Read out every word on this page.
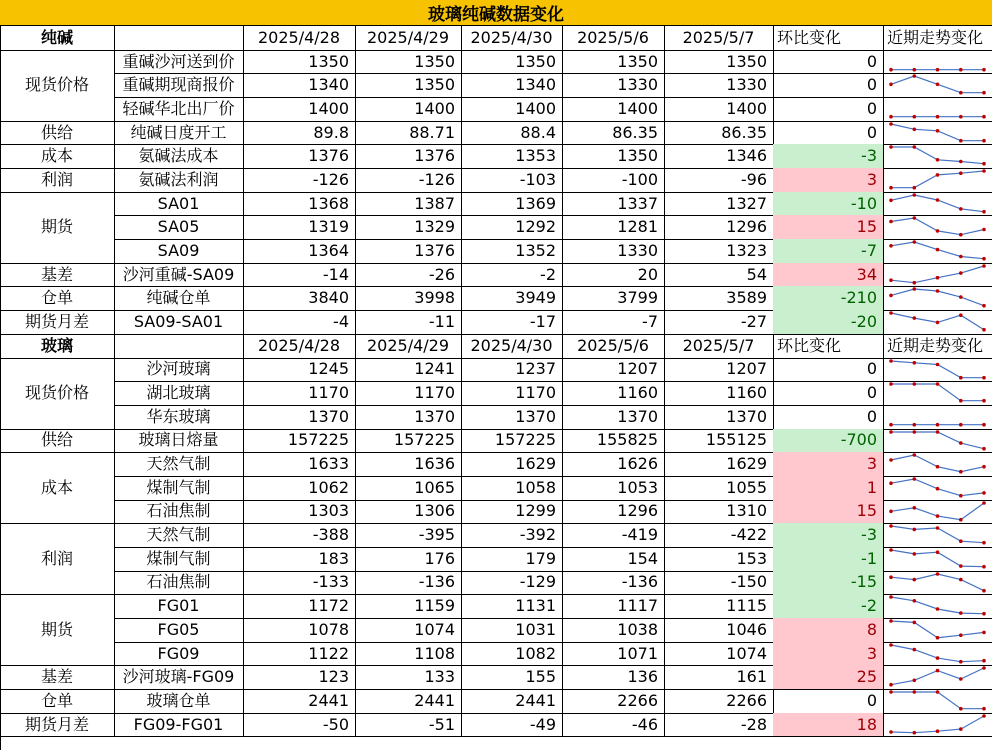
玻璃纯碱数据变化
纯碱	2025/4/28	2025/4/29	2025/4/30	2025/5/6	2025/5/7	环比变化	近期走势变化
现货价格
重碱沙河送到价	1350	1350	1350	1350	1350	0
重碱期现商报价	1340	1350	1340	1330	1330	0
轻碱华北出厂价	1400	1400	1400	1400	1400	0
供给	纯碱日度开工	89.8	88.71	88.4	86.35	86.35	0
成本	氨碱法成本	1376	1376	1353	1350	1346	-3
利润	氨碱法利润	-126	-126	-103	-100	-96	3
期货
SA01	1368	1387	1369	1337	1327	-10
SA05	1319	1329	1292	1281	1296	15
SA09	1364	1376	1352	1330	1323	-7
基差	沙河重碱-SA09	-14	-26	-2	20	54	34
仓单	纯碱仓单	3840	3998	3949	3799	3589	-210
期货月差	SA09-SA01	-4	-11	-17	-7	-27	-20
玻璃	2025/4/28	2025/4/29	2025/4/30	2025/5/6	2025/5/7	环比变化	近期走势变化
现货价格
沙河玻璃	1245	1241	1237	1207	1207	0
湖北玻璃	1170	1170	1170	1160	1160	0
华东玻璃	1370	1370	1370	1370	1370	0
供给	玻璃日熔量	157225	157225	157225	155825	155125	-700
成本
天然气制	1633	1636	1629	1626	1629	3
煤制气制	1062	1065	1058	1053	1055	1
石油焦制	1303	1306	1299	1296	1310	15
利润
天然气制	-388	-395	-392	-419	-422	-3
煤制气制	183	176	179	154	153	-1
石油焦制	-133	-136	-129	-136	-150	-15
期货
FG01	1172	1159	1131	1117	1115	-2
FG05	1078	1074	1031	1038	1046	8
FG09	1122	1108	1082	1071	1074	3
基差	沙河玻璃-FG09	123	133	155	136	161	25
仓单	玻璃仓单	2441	2441	2441	2266	2266	0
期货月差	FG09-FG01	-50	-51	-49	-46	-28	18
